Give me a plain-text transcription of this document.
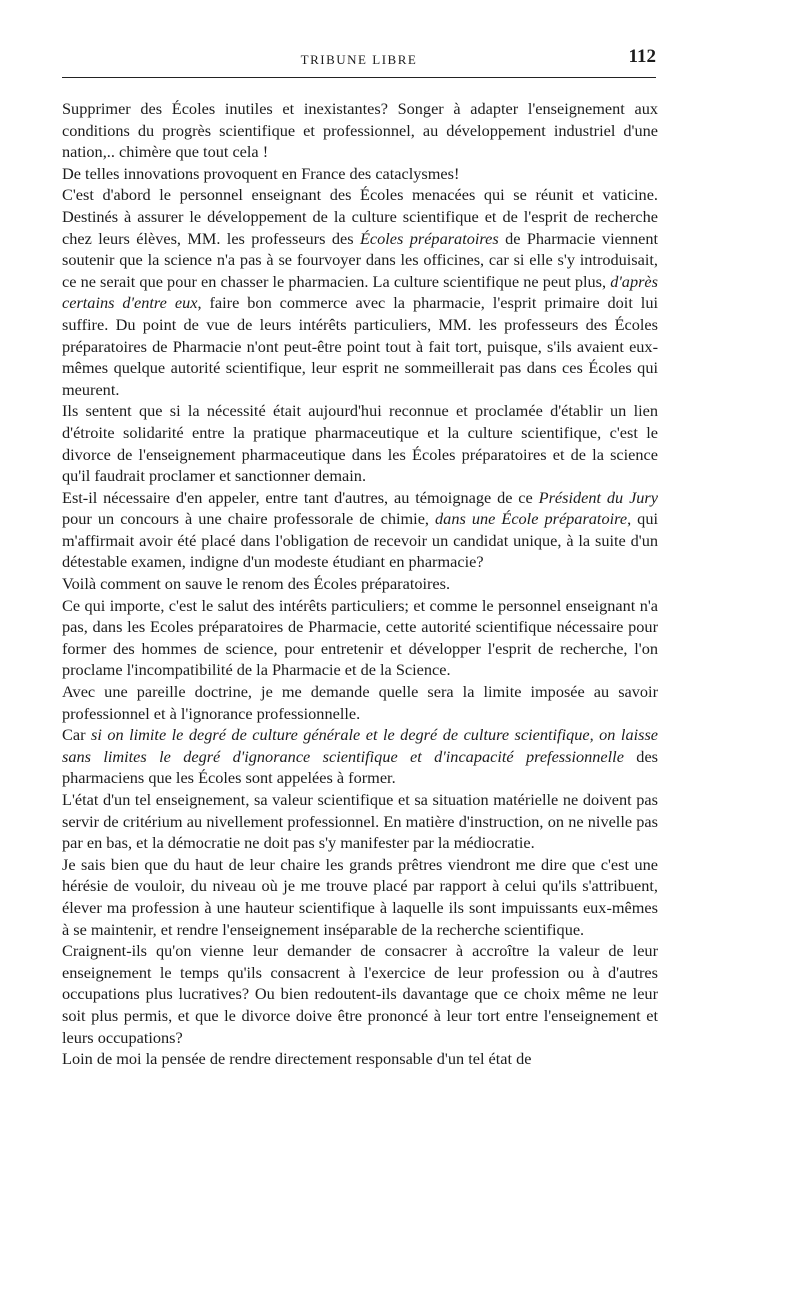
TRIBUNE LIBRE	112

Supprimer des Écoles inutiles et inexistantes? Songer à adapter l'enseignement aux conditions du progrès scientifique et professionnel, au développement industriel d'une nation,.. chimère que tout cela !

De telles innovations provoquent en France des cataclysmes!

C'est d'abord le personnel enseignant des Écoles menacées qui se réunit et vaticine. Destinés à assurer le développement de la culture scientifique et de l'esprit de recherche chez leurs élèves, MM. les professeurs des Écoles préparatoires de Pharmacie viennent soutenir que la science n'a pas à se fourvoyer dans les officines, car si elle s'y introduisait, ce ne serait que pour en chasser le pharmacien. La culture scientifique ne peut plus, d'après certains d'entre eux, faire bon commerce avec la pharmacie, l'esprit primaire doit lui suffire. Du point de vue de leurs intérêts particuliers, MM. les professeurs des Écoles préparatoires de Pharmacie n'ont peut-être point tout à fait tort, puisque, s'ils avaient eux-mêmes quelque autorité scientifique, leur esprit ne sommeillerait pas dans ces Écoles qui meurent.

Ils sentent que si la nécessité était aujourd'hui reconnue et proclamée d'établir un lien d'étroite solidarité entre la pratique pharmaceutique et la culture scientifique, c'est le divorce de l'enseignement pharmaceutique dans les Écoles préparatoires et de la science qu'il faudrait proclamer et sanctionner demain.

Est-il nécessaire d'en appeler, entre tant d'autres, au témoignage de ce Président du Jury pour un concours à une chaire professorale de chimie, dans une École préparatoire, qui m'affirmait avoir été placé dans l'obligation de recevoir un candidat unique, à la suite d'un détestable examen, indigne d'un modeste étudiant en pharmacie?

Voilà comment on sauve le renom des Écoles préparatoires.

Ce qui importe, c'est le salut des intérêts particuliers; et comme le personnel enseignant n'a pas, dans les Ecoles préparatoires de Pharmacie, cette autorité scientifique nécessaire pour former des hommes de science, pour entretenir et développer l'esprit de recherche, l'on proclame l'incompatibilité de la Pharmacie et de la Science.

Avec une pareille doctrine, je me demande quelle sera la limite imposée au savoir professionnel et à l'ignorance professionnelle.

Car si on limite le degré de culture générale et le degré de culture scientifique, on laisse sans limites le degré d'ignorance scientifique et d'incapacité prefessionnelle des pharmaciens que les Écoles sont appelées à former.

L'état d'un tel enseignement, sa valeur scientifique et sa situation matérielle ne doivent pas servir de critérium au nivellement professionnel. En matière d'instruction, on ne nivelle pas par en bas, et la démocratie ne doit pas s'y manifester par la médiocratie.

Je sais bien que du haut de leur chaire les grands prêtres viendront me dire que c'est une hérésie de vouloir, du niveau où je me trouve placé par rapport à celui qu'ils s'attribuent, élever ma profession à une hauteur scientifique à laquelle ils sont impuissants eux-mêmes à se maintenir, et rendre l'enseignement inséparable de la recherche scientifique.

Craignent-ils qu'on vienne leur demander de consacrer à accroître la valeur de leur enseignement le temps qu'ils consacrent à l'exercice de leur profession ou à d'autres occupations plus lucratives? Ou bien redoutent-ils davantage que ce choix même ne leur soit plus permis, et que le divorce doive être prononcé à leur tort entre l'enseignement et leurs occupations?

Loin de moi la pensée de rendre directement responsable d'un tel état de
